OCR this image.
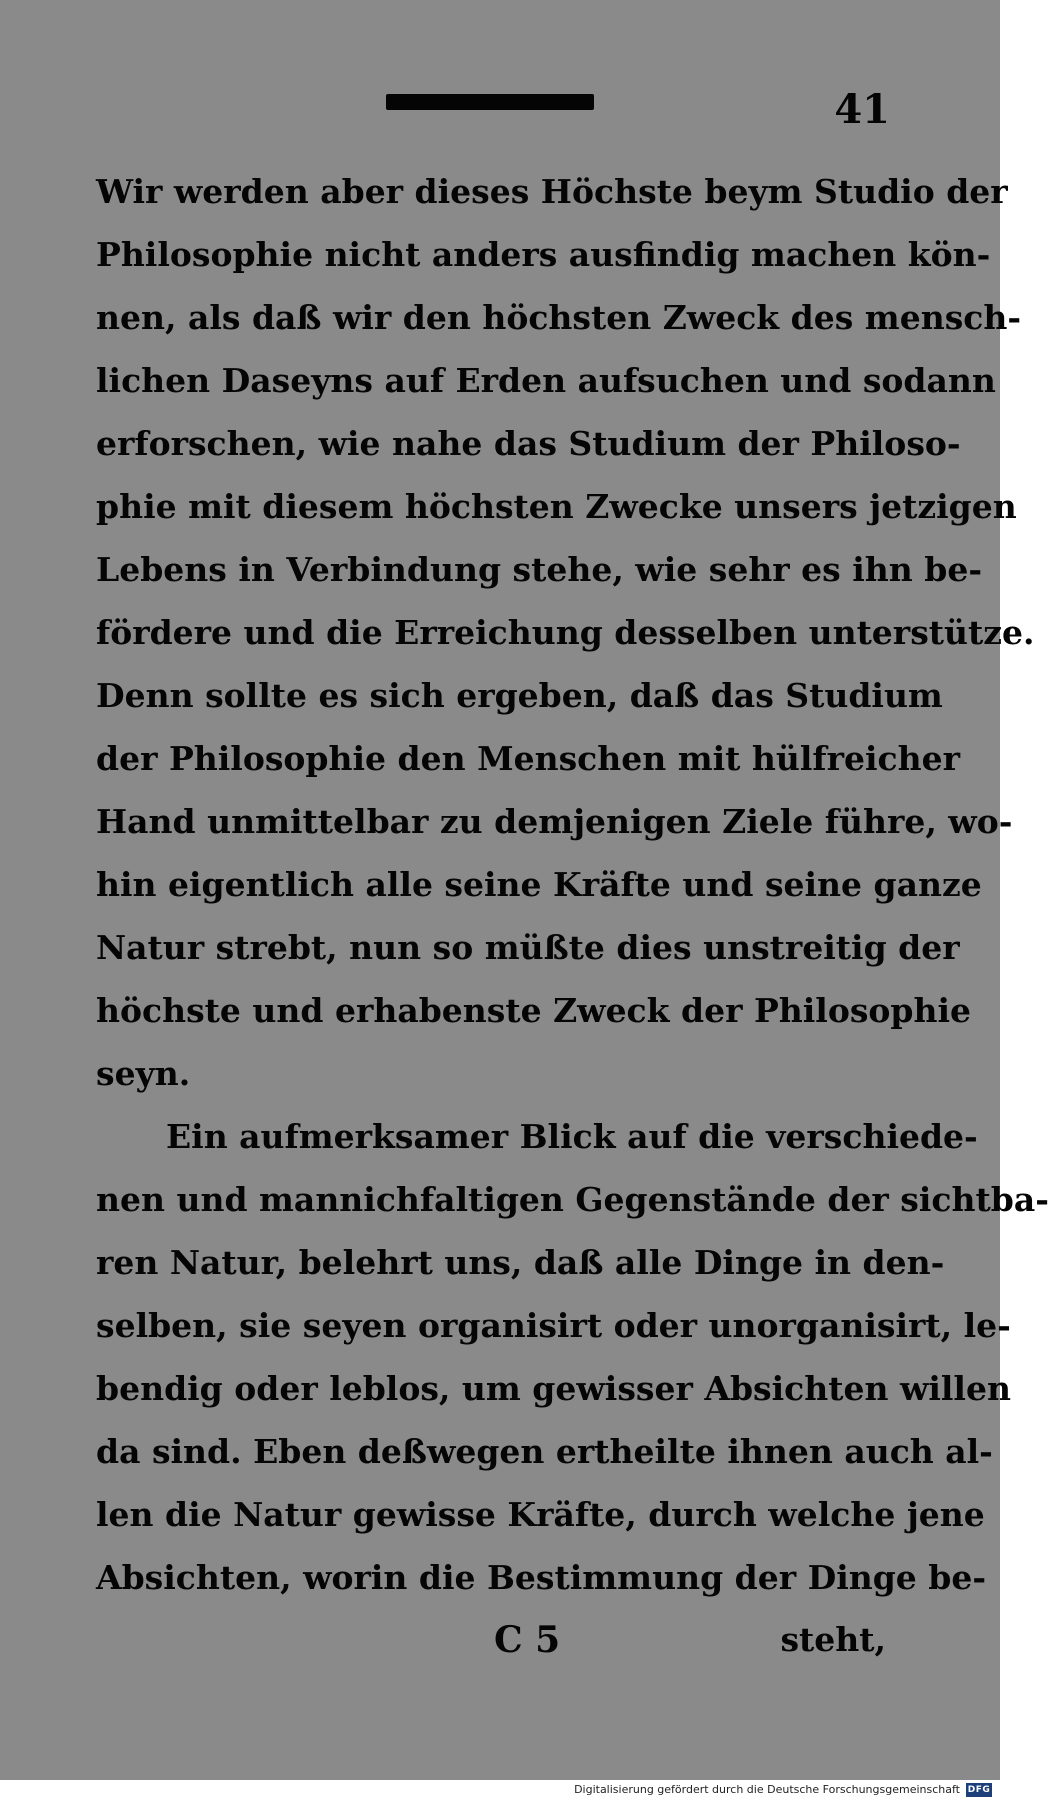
41
Wir werden aber dieses Höchste beym Studio der
Philosophie nicht anders ausfindig machen kön-
nen, als daß wir den höchsten Zweck des mensch-
lichen Daseyns auf Erden aufsuchen und sodann
erforschen, wie nahe das Studium der Philoso-
phie mit diesem höchsten Zwecke unsers jetzigen
Lebens in Verbindung stehe, wie sehr es ihn be-
fördere und die Erreichung desselben unterstütze.
Denn sollte es sich ergeben, daß das Studium
der Philosophie den Menschen mit hülfreicher
Hand unmittelbar zu demjenigen Ziele führe, wo-
hin eigentlich alle seine Kräfte und seine ganze
Natur strebt, nun so müßte dies unstreitig der
höchste und erhabenste Zweck der Philosophie
seyn.
Ein aufmerksamer Blick auf die verschiede-
nen und mannichfaltigen Gegenstände der sichtba-
ren Natur, belehrt uns, daß alle Dinge in den-
selben, sie seyen organisirt oder unorganisirt, le-
bendig oder leblos, um gewisser Absichten willen
da sind. Eben deßwegen ertheilte ihnen auch al-
len die Natur gewisse Kräfte, durch welche jene
Absichten, worin die Bestimmung der Dinge be-
C 5	steht,
Digitalisierung gefördert durch die Deutsche Forschungsgemeinschaft DFG
